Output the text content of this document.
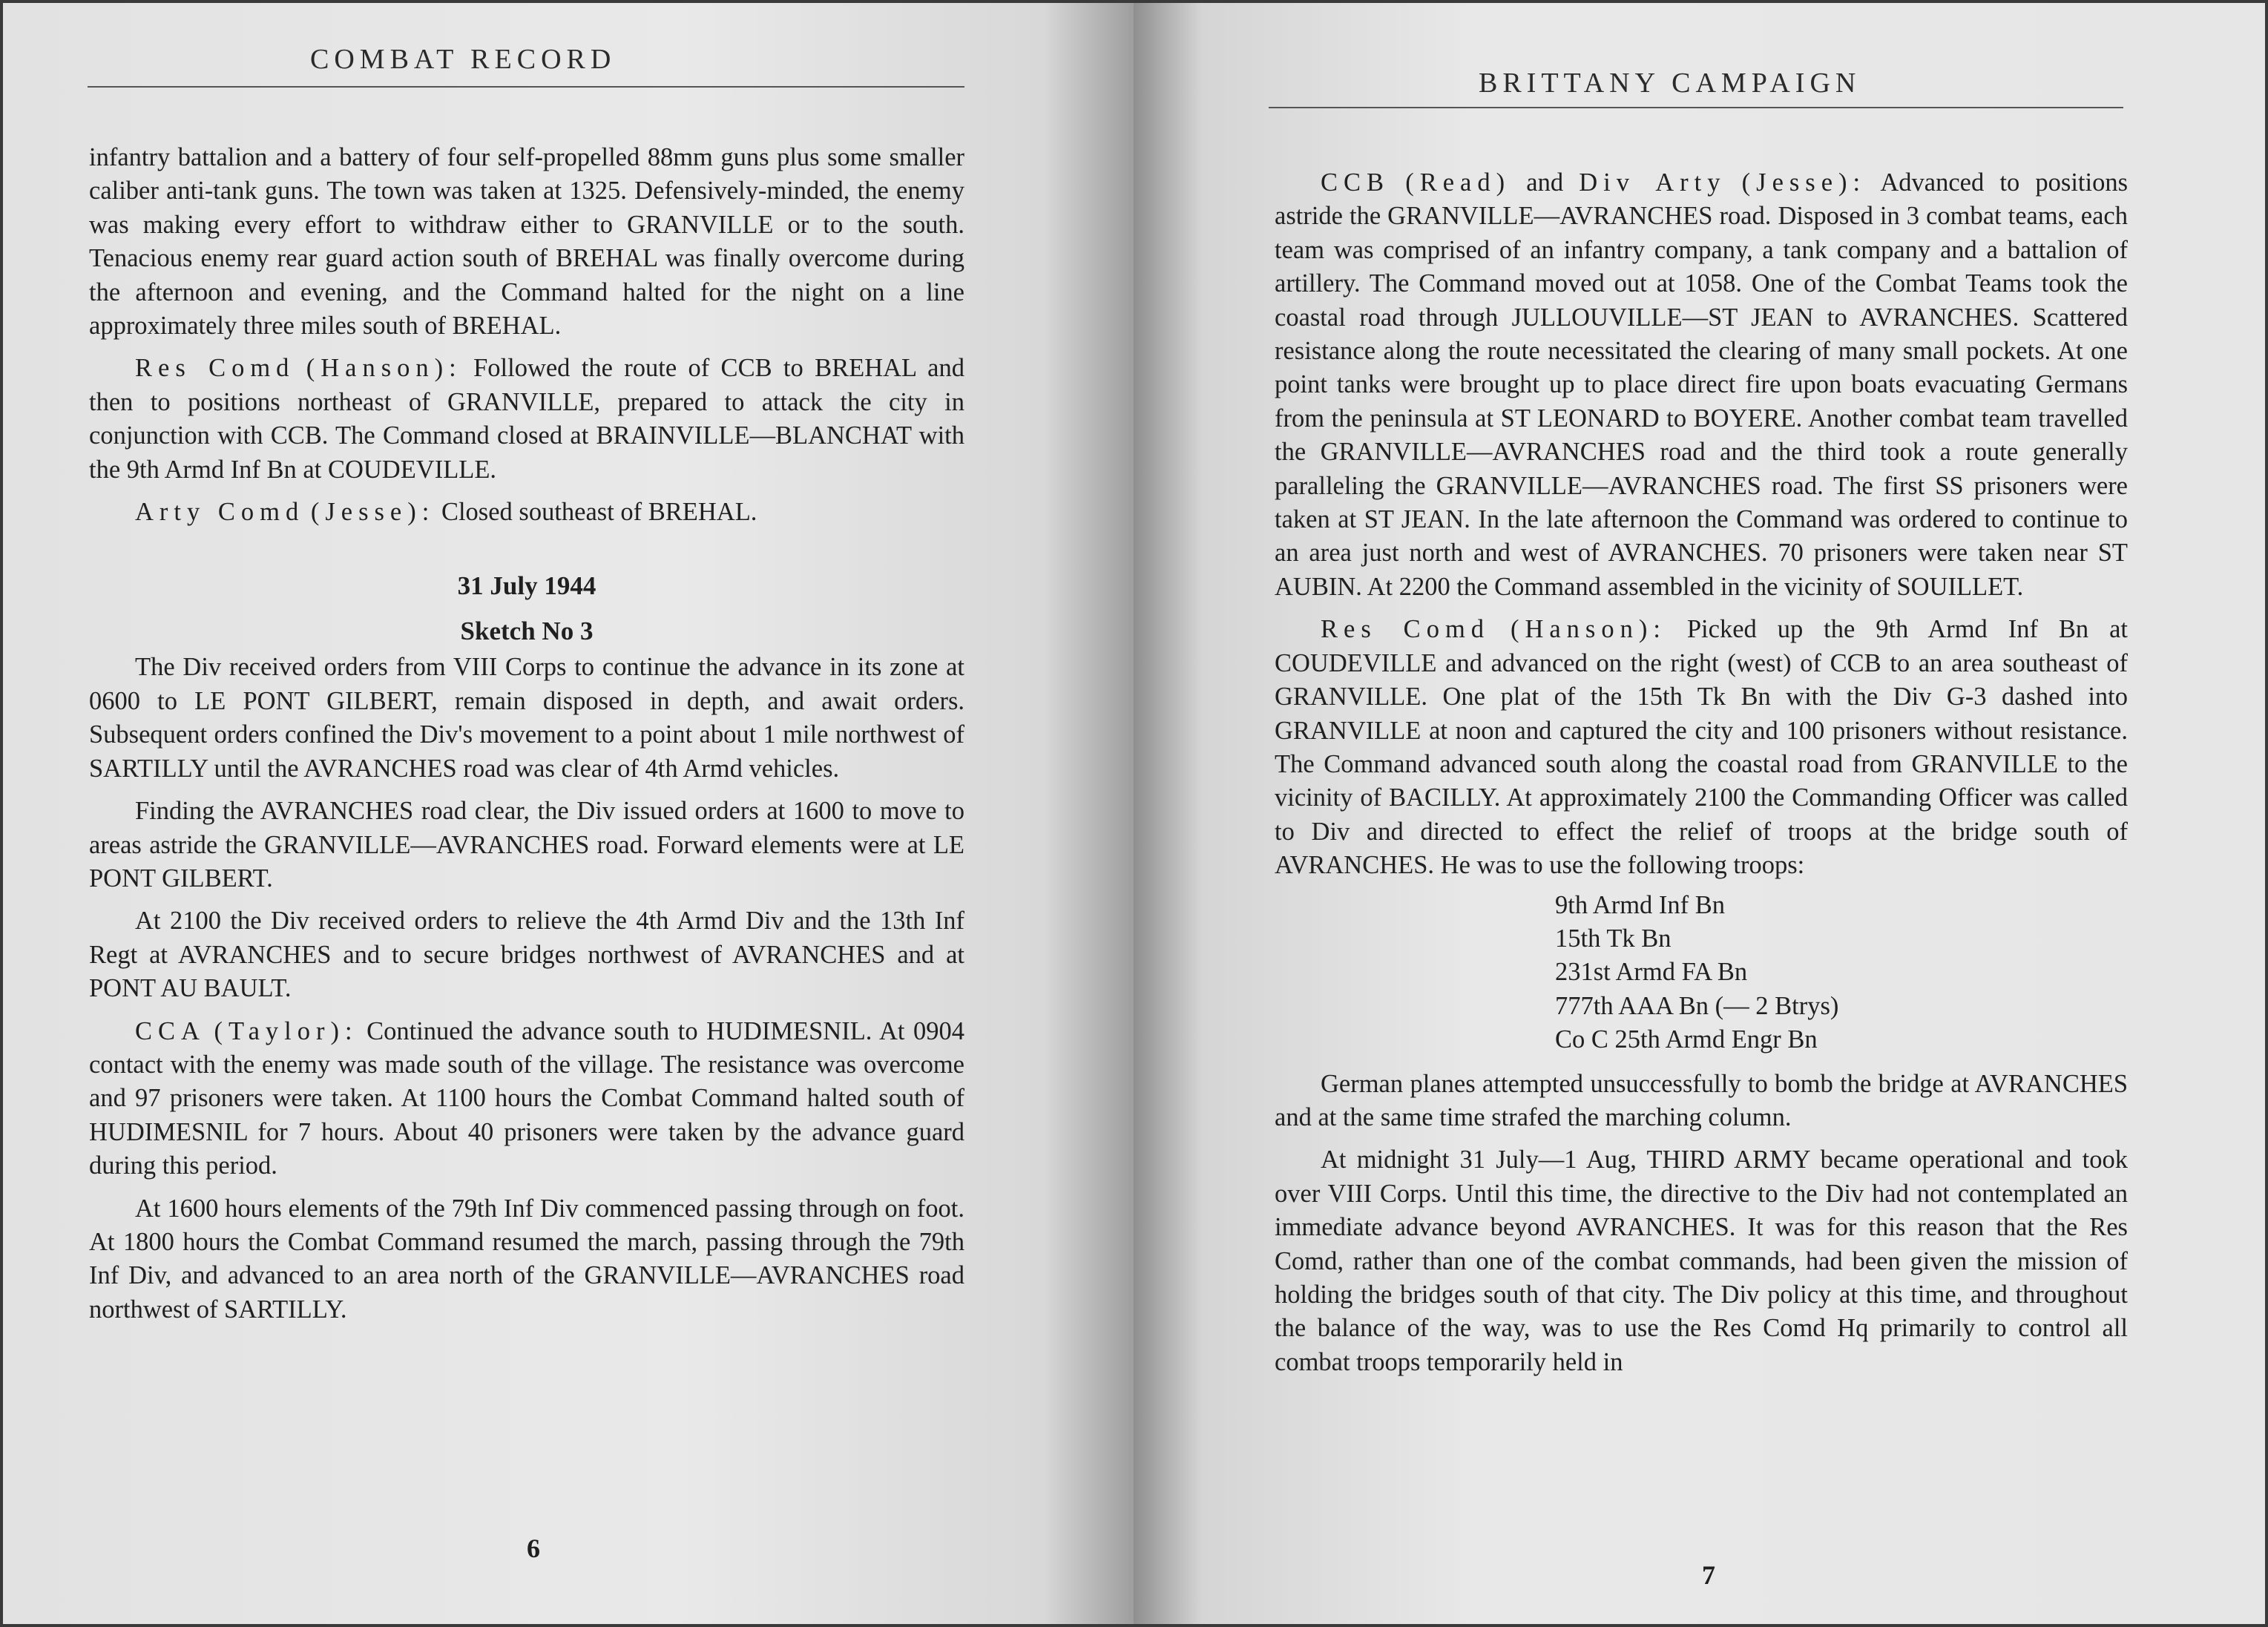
COMBAT RECORD

infantry battalion and a battery of four self-propelled 88mm guns plus some smaller caliber anti-tank guns. The town was taken at 1325. Defensively-minded, the enemy was making every effort to withdraw either to GRANVILLE or to the south. Tenacious enemy rear guard action south of BREHAL was finally overcome during the afternoon and evening, and the Command halted for the night on a line approximately three miles south of BREHAL.

Res Comd (Hanson): Followed the route of CCB to BREHAL and then to positions northeast of GRANVILLE, prepared to attack the city in conjunction with CCB. The Command closed at BRAINVILLE—BLANCHAT with the 9th Armd Inf Bn at COUDEVILLE.

Arty Comd (Jesse): Closed southeast of BREHAL.

31 July 1944

Sketch No 3

The Div received orders from VIII Corps to continue the advance in its zone at 0600 to LE PONT GILBERT, remain disposed in depth, and await orders. Subsequent orders confined the Div's movement to a point about 1 mile northwest of SARTILLY until the AVRANCHES road was clear of 4th Armd vehicles.

Finding the AVRANCHES road clear, the Div issued orders at 1600 to move to areas astride the GRANVILLE—AVRANCHES road. Forward elements were at LE PONT GILBERT.

At 2100 the Div received orders to relieve the 4th Armd Div and the 13th Inf Regt at AVRANCHES and to secure bridges northwest of AVRANCHES and at PONT AU BAULT.

CCA (Taylor): Continued the advance south to HUDIMESNIL. At 0904 contact with the enemy was made south of the village. The resistance was overcome and 97 prisoners were taken. At 1100 hours the Combat Command halted south of HUDIMESNIL for 7 hours. About 40 prisoners were taken by the advance guard during this period.

At 1600 hours elements of the 79th Inf Div commenced passing through on foot. At 1800 hours the Combat Command resumed the march, passing through the 79th Inf Div, and advanced to an area north of the GRANVILLE—AVRANCHES road northwest of SARTILLY.

6
BRITTANY CAMPAIGN

CCB (Read) and Div Arty (Jesse): Advanced to positions astride the GRANVILLE—AVRANCHES road. Disposed in 3 combat teams, each team was comprised of an infantry company, a tank company and a battalion of artillery. The Command moved out at 1058. One of the Combat Teams took the coastal road through JULLOUVILLE—ST JEAN to AVRANCHES. Scattered resistance along the route necessitated the clearing of many small pockets. At one point tanks were brought up to place direct fire upon boats evacuating Germans from the peninsula at ST LEONARD to BOYERE. Another combat team travelled the GRANVILLE—AVRANCHES road and the third took a route generally paralleling the GRANVILLE—AVRANCHES road. The first SS prisoners were taken at ST JEAN. In the late afternoon the Command was ordered to continue to an area just north and west of AVRANCHES. 70 prisoners were taken near ST AUBIN. At 2200 the Command assembled in the vicinity of SOUILLET.

Res Comd (Hanson): Picked up the 9th Armd Inf Bn at COUDEVILLE and advanced on the right (west) of CCB to an area southeast of GRANVILLE. One plat of the 15th Tk Bn with the Div G-3 dashed into GRANVILLE at noon and captured the city and 100 prisoners without resistance. The Command advanced south along the coastal road from GRANVILLE to the vicinity of BACILLY. At approximately 2100 the Commanding Officer was called to Div and directed to effect the relief of troops at the bridge south of AVRANCHES. He was to use the following troops:

9th Armd Inf Bn
15th Tk Bn
231st Armd FA Bn
777th AAA Bn (— 2 Btrys)
Co C 25th Armd Engr Bn

German planes attempted unsuccessfully to bomb the bridge at AVRANCHES and at the same time strafed the marching column.

At midnight 31 July—1 Aug, THIRD ARMY became operational and took over VIII Corps. Until this time, the directive to the Div had not contemplated an immediate advance beyond AVRANCHES. It was for this reason that the Res Comd, rather than one of the combat commands, had been given the mission of holding the bridges south of that city. The Div policy at this time, and throughout the balance of the way, was to use the Res Comd Hq primarily to control all combat troops temporarily held in

7
